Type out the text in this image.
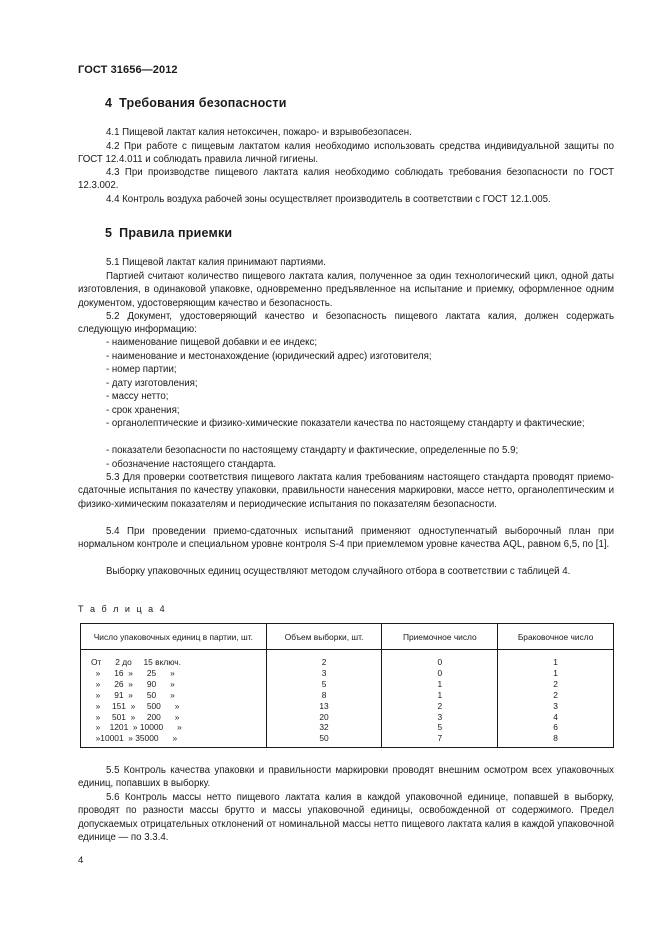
ГОСТ 31656—2012
4 Требования безопасности
4.1 Пищевой лактат калия нетоксичен, пожаро- и взрывобезопасен.
4.2 При работе с пищевым лактатом калия необходимо использовать средства индивидуальной защиты по ГОСТ 12.4.011 и соблюдать правила личной гигиены.
4.3 При производстве пищевого лактата калия необходимо соблюдать требования безопасности по ГОСТ 12.3.002.
4.4 Контроль воздуха рабочей зоны осуществляет производитель в соответствии с ГОСТ 12.1.005.
5 Правила приемки
5.1 Пищевой лактат калия принимают партиями.
Партией считают количество пищевого лактата калия, полученное за один технологический цикл, одной даты изготовления, в одинаковой упаковке, одновременно предъявленное на испытание и приемку, оформленное одним документом, удостоверяющим качество и безопасность.
5.2 Документ, удостоверяющий качество и безопасность пищевого лактата калия, должен содержать следующую информацию:
- наименование пищевой добавки и ее индекс;
- наименование и местонахождение (юридический адрес) изготовителя;
- номер партии;
- дату изготовления;
- массу нетто;
- срок хранения;
- органолептические и физико-химические показатели качества по настоящему стандарту и фактические;
- показатели безопасности по настоящему стандарту и фактические, определенные по 5.9;
- обозначение настоящего стандарта.
5.3 Для проверки соответствия пищевого лактата калия требованиям настоящего стандарта проводят приемо-сдаточные испытания по качеству упаковки, правильности нанесения маркировки, массе нетто, органолептическим и физико-химическим показателям и периодические испытания по показателям безопасности.
5.4 При проведении приемо-сдаточных испытаний применяют одноступенчатый выборочный план при нормальном контроле и специальном уровне контроля S-4 при приемлемом уровне качества AQL, равном 6,5, по [1].
Выборку упаковочных единиц осуществляют методом случайного отбора в соответствии с таблицей 4.
Т а б л и ц а 4
Число упаковочных единиц в партии, шт.	Объем выборки, шт.	Приемочное число	Браковочное число
От      2 до     15 включ.	2	0	1
»      16  »      25      »	3	0	1
»      26  »      90      »	5	1	2
»      91  »      50      »	8	1	2
»     151  »     500      »	13	2	3
»     501  »     200      »	20	3	4
»    1201  » 10000      »	32	5	6
»10001  » 35000      »	50	7	8
5.5 Контроль качества упаковки и правильности маркировки проводят внешним осмотром всех упаковочных единиц, попавших в выборку.
5.6 Контроль массы нетто пищевого лактата калия в каждой упаковочной единице, попавшей в выборку, проводят по разности массы брутто и массы упаковочной единицы, освобожденной от содержимого. Предел допускаемых отрицательных отклонений от номинальной массы нетто пищевого лактата калия в каждой упаковочной единице — по 3.3.4.
4
